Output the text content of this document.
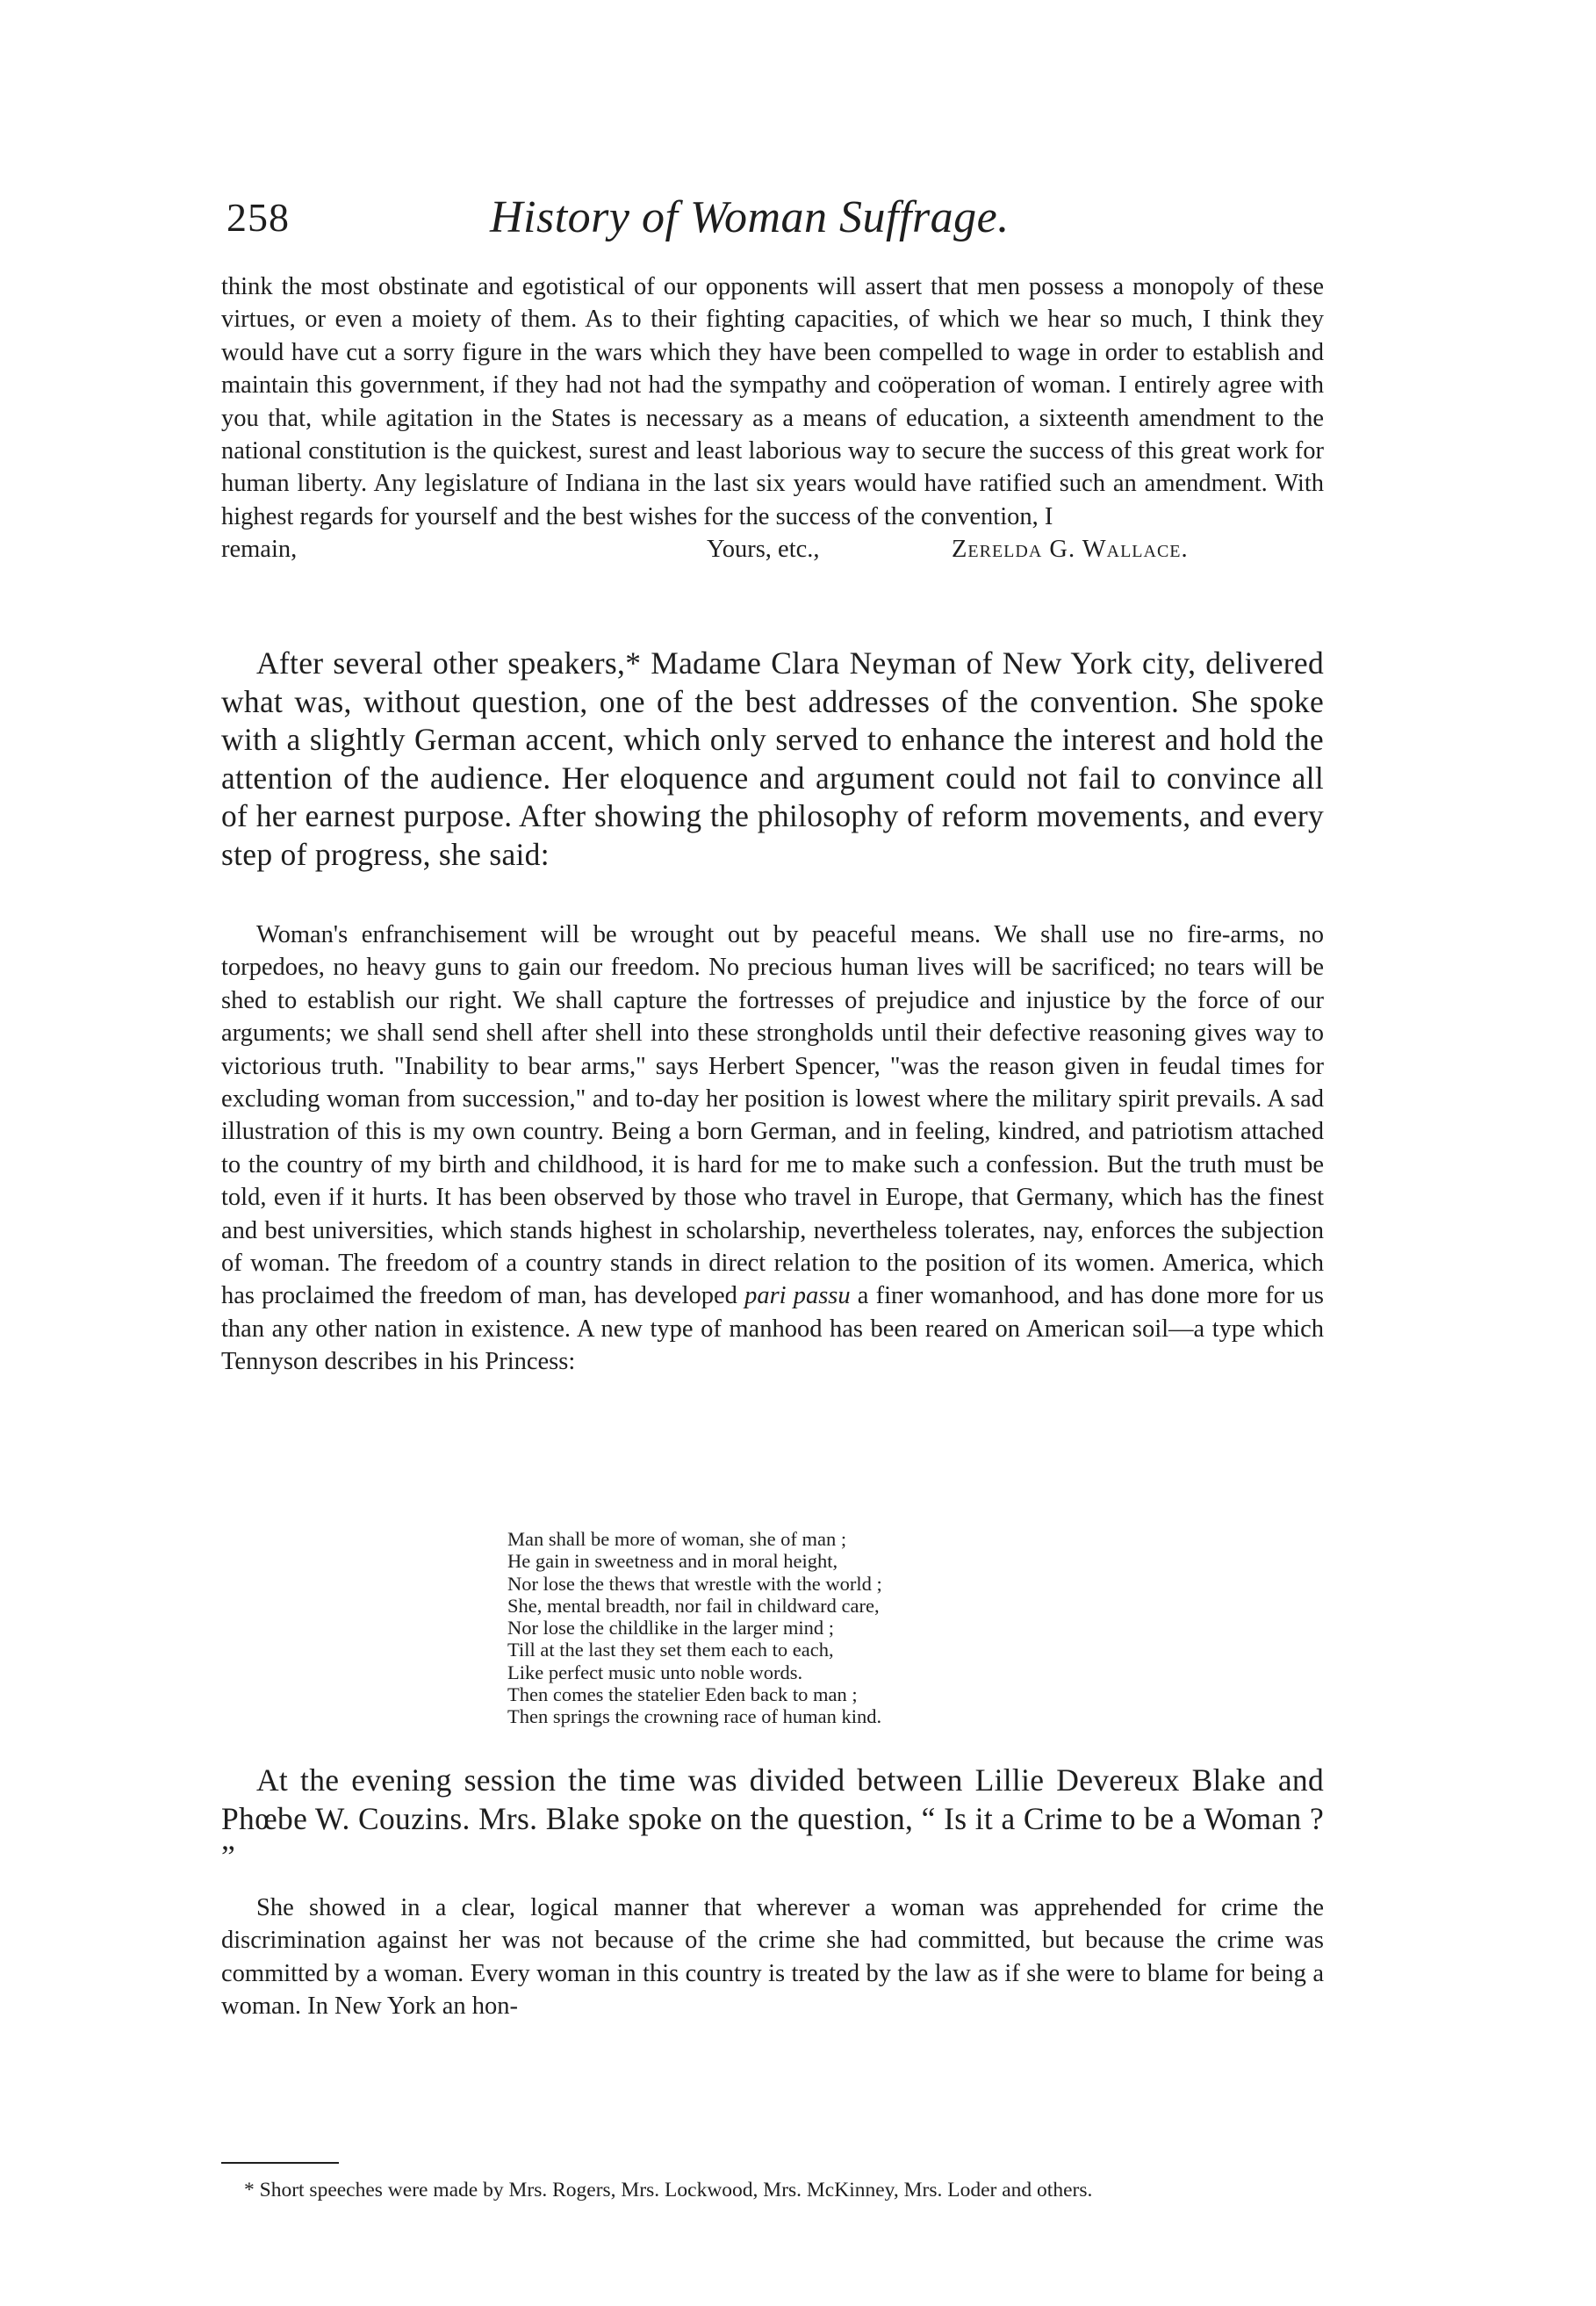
258	History of Woman Suffrage.

think the most obstinate and egotistical of our opponents will assert that men possess a monopoly of these virtues, or even a moiety of them. As to their fighting capacities, of which we hear so much, I think they would have cut a sorry figure in the wars which they have been compelled to wage in order to establish and maintain this government, if they had not had the sympathy and coöperation of woman. I entirely agree with you that, while agitation in the States is necessary as a means of education, a sixteenth amendment to the national constitution is the quickest, surest and least laborious way to secure the success of this great work for human liberty. Any legislature of Indiana in the last six years would have ratified such an amendment. With highest regards for yourself and the best wishes for the success of the convention, I

remain,	Yours, etc.,	Zerelda G. Wallace.

After several other speakers,* Madame Clara Neyman of New York city, delivered what was, without question, one of the best addresses of the convention. She spoke with a slightly German accent, which only served to enhance the interest and hold the attention of the audience. Her eloquence and argument could not fail to convince all of her earnest purpose. After showing the philosophy of reform movements, and every step of progress, she said:

Woman's enfranchisement will be wrought out by peaceful means. We shall use no fire-arms, no torpedoes, no heavy guns to gain our freedom. No precious human lives will be sacrificed; no tears will be shed to establish our right. We shall capture the fortresses of prejudice and injustice by the force of our arguments; we shall send shell after shell into these strongholds until their defective reasoning gives way to victorious truth. "Inability to bear arms," says Herbert Spencer, "was the reason given in feudal times for excluding woman from succession," and to-day her position is lowest where the military spirit prevails. A sad illustration of this is my own country. Being a born German, and in feeling, kindred, and patriotism attached to the country of my birth and childhood, it is hard for me to make such a confession. But the truth must be told, even if it hurts. It has been observed by those who travel in Europe, that Germany, which has the finest and best universities, which stands highest in scholarship, nevertheless tolerates, nay, enforces the subjection of woman. The freedom of a country stands in direct relation to the position of its women. America, which has proclaimed the freedom of man, has developed pari passu a finer womanhood, and has done more for us than any other nation in existence. A new type of manhood has been reared on American soil—a type which Tennyson describes in his Princess:

Man shall be more of woman, she of man ;
He gain in sweetness and in moral height,
Nor lose the thews that wrestle with the world ;
She, mental breadth, nor fail in childward care,
Nor lose the childlike in the larger mind ;
Till at the last they set them each to each,
Like perfect music unto noble words.
Then comes the statelier Eden back to man ;
Then springs the crowning race of human kind.

At the evening session the time was divided between Lillie Devereux Blake and Phœbe W. Couzins. Mrs. Blake spoke on the question, “ Is it a Crime to be a Woman ? ”

She showed in a clear, logical manner that wherever a woman was apprehended for crime the discrimination against her was not because of the crime she had committed, but because the crime was committed by a woman. Every woman in this country is treated by the law as if she were to blame for being a woman. In New York an hon-

* Short speeches were made by Mrs. Rogers, Mrs. Lockwood, Mrs. McKinney, Mrs. Loder and others.
